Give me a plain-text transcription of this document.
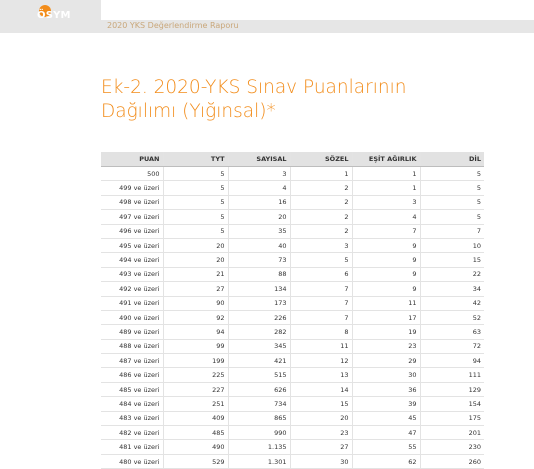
ÖSYM
2020 YKS Değerlendirme Raporu
Ek-2. 2020-YKS Sınav Puanlarının Dağılımı (Yığınsal)*
PUAN	TYT	SAYISAL	SÖZEL	EŞİT AĞIRLIK	DİL
500	5	3	1	1	5
499 ve üzeri	5	4	2	1	5
498 ve üzeri	5	16	2	3	5
497 ve üzeri	5	20	2	4	5
496 ve üzeri	5	35	2	7	7
495 ve üzeri	20	40	3	9	10
494 ve üzeri	20	73	5	9	15
493 ve üzeri	21	88	6	9	22
492 ve üzeri	27	134	7	9	34
491 ve üzeri	90	173	7	11	42
490 ve üzeri	92	226	7	17	52
489 ve üzeri	94	282	8	19	63
488 ve üzeri	99	345	11	23	72
487 ve üzeri	199	421	12	29	94
486 ve üzeri	225	515	13	30	111
485 ve üzeri	227	626	14	36	129
484 ve üzeri	251	734	15	39	154
483 ve üzeri	409	865	20	45	175
482 ve üzeri	485	990	23	47	201
481 ve üzeri	490	1.135	27	55	230
480 ve üzeri	529	1.301	30	62	260
